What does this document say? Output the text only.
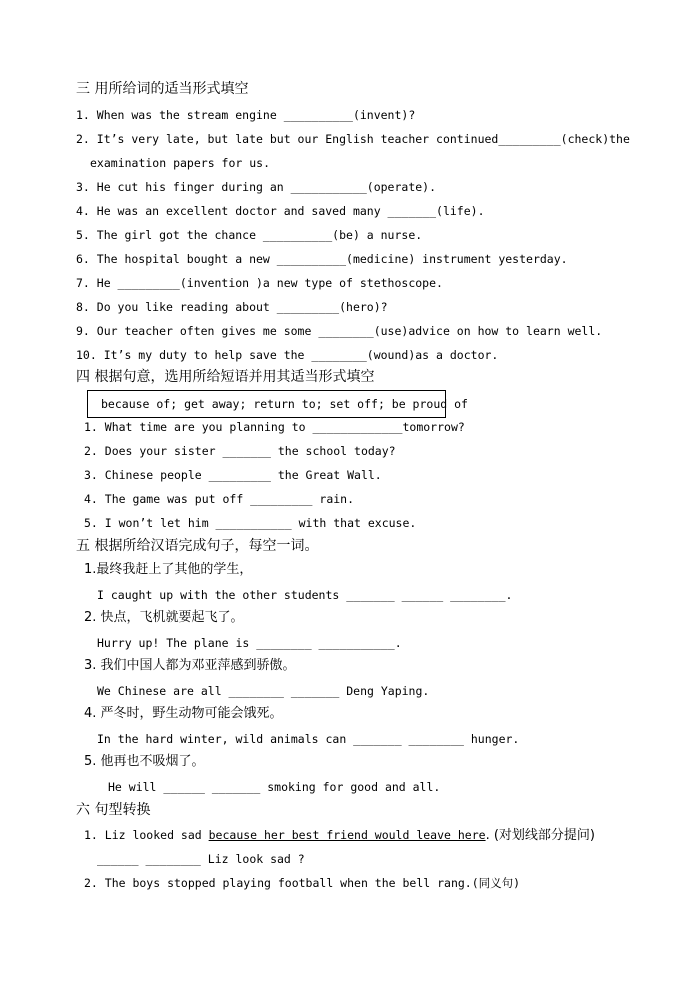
三 用所给词的适当形式填空
1. When was the stream engine __________(invent)?
2. It’s very late, but late but our English teacher continued_________(check)the
examination papers for us.
3. He cut his finger during an ___________(operate).
4. He was an excellent doctor and saved many _______(life).
5. The girl got the chance __________(be) a nurse.
6. The hospital bought a new __________(medicine) instrument yesterday.
7. He _________(invention )a new type of stethoscope.
8. Do you like reading about _________(hero)?
9. Our teacher often gives me some ________(use)advice on how to learn well.
10. It’s my duty to help save the ________(wound)as a doctor.
四 根据句意，选用所给短语并用其适当形式填空
because of; get away; return to; set off; be proud of
1. What time are you planning to _____________tomorrow?
2. Does your sister _______ the school today?
3. Chinese people _________ the Great Wall.
4. The game was put off _________ rain.
5. I won’t let him ___________ with that excuse.
五 根据所给汉语完成句子，每空一词。
1.最终我赶上了其他的学生，
I caught up with the other students _______ ______ ________.
2. 快点，飞机就要起飞了。
Hurry up! The plane is ________ ___________.
3. 我们中国人都为邓亚萍感到骄傲。
We Chinese are all ________ _______ Deng Yaping.
4. 严冬时，野生动物可能会饿死。
In the hard winter, wild animals can _______ ________ hunger.
5. 他再也不吸烟了。
He will ______ _______ smoking for good and all.
六 句型转换
1. Liz looked sad because her best friend would leave here. (对划线部分提问)
______ ________ Liz look sad ?
2. The boys stopped playing football when the bell rang.(同义句)
